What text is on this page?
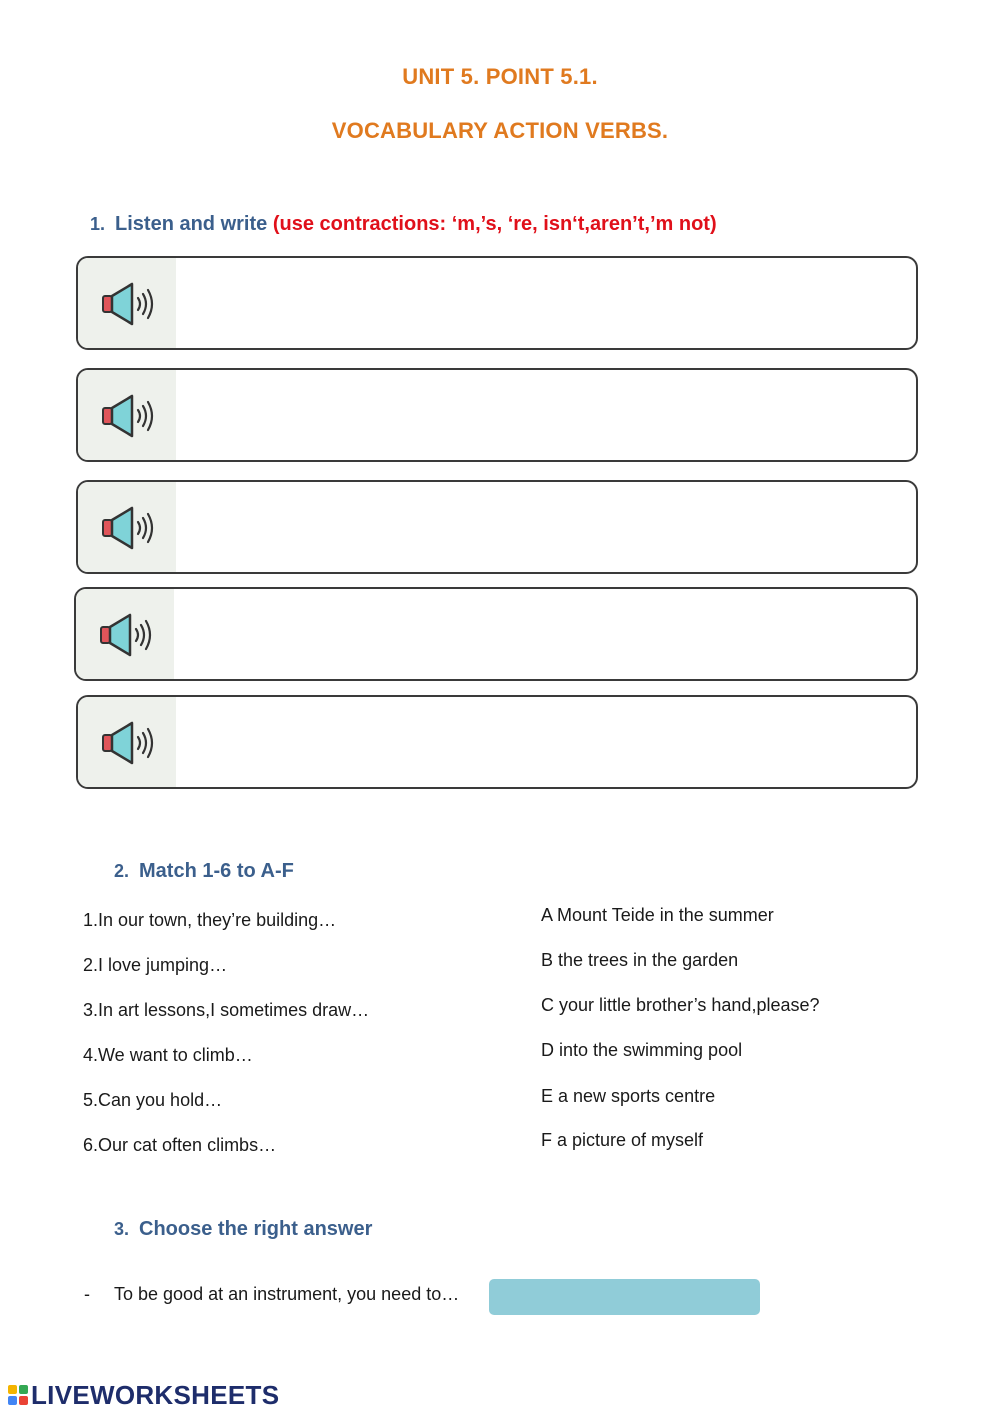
UNIT 5. POINT 5.1.
VOCABULARY ACTION VERBS.
1. Listen and write (use contractions: ‘m,’s, ‘re, isn‘t,aren’t,’m not)
2. Match 1-6 to A-F
1.In our town, they’re building…
2.I love jumping…
3.In art lessons,I sometimes draw…
4.We want to climb…
5.Can you hold…
6.Our cat often climbs…
A Mount Teide in the summer
B the trees in the garden
C your little brother’s hand,please?
D into the swimming pool
E a new sports centre
F a picture of myself
3. Choose the right answer
- To be good at an instrument, you need to…
LIVEWORKSHEETS
